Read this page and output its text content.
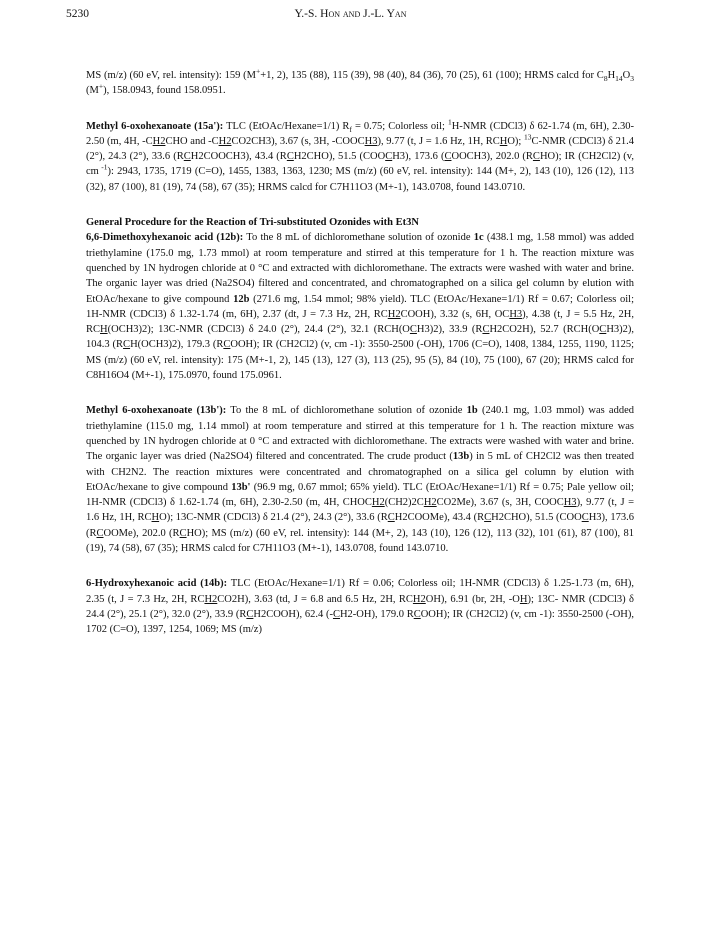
5230	Y.-S. Hon and J.-L. Yan

MS (m/z) (60 eV, rel. intensity): 159 (M++1, 2), 135 (88), 115 (39), 98 (40), 84 (36), 70 (25), 61 (100); HRMS calcd for $C_8H_{14}O_3$ (M+), 158.0943, found 158.0951.

Methyl 6-oxohexanoate (15a'): TLC (EtOAc/Hexane=1/1) $R_f = 0.75$; Colorless oil; $^1$H-NMR (CDCl3) δ 62-1.74 (m, 6H), 2.30-2.50 (m, 4H, -CH2CHO and -CH2CO2CH3), 3.67 (s, 3H, -COOCH3), 9.77 (t, J = 1.6 Hz, 1H, RCHO); $^{13}$C-NMR (CDCl3) δ 21.4 (2°), 24.3 (2°), 33.6 (RCH2COOCH3), 43.4 (RCH2CHO), 51.5 (COOCH3), 173.6 (COOCH3), 202.0 (RCHO); IR (CH2Cl2) (v, cm $^{-1}$): 2943, 1735, 1719 (C=O), 1455, 1383, 1363, 1230; MS (m/z) (60 eV, rel. intensity): 144 (M+, 2), 143 (10), 126 (12), 113 (32), 87 (100), 81 (19), 74 (58), 67 (35); HRMS calcd for C7H11O3 (M+-1), 143.0708, found 143.0710.

General Procedure for the Reaction of Tri-substituted Ozonides with Et3N
6,6-Dimethoxyhexanoic acid (12b): To the 8 mL of dichloromethane solution of ozonide 1c (438.1 mg, 1.58 mmol) was added triethylamine (175.0 mg, 1.73 mmol) at room temperature and stirred at this temperature for 1 h. The reaction mixture was quenched by 1N hydrogen chloride at 0 °C and extracted with dichloromethane. The extracts were washed with water and brine. The organic layer was dried (Na2SO4) filtered and concentrated, and chromatographed on a silica gel column by elution with EtOAc/hexane to give compound 12b (271.6 mg, 1.54 mmol; 98% yield). TLC (EtOAc/Hexane=1/1) Rf = 0.67; Colorless oil; 1H-NMR (CDCl3) δ 1.32-1.74 (m, 6H), 2.37 (dt, J = 7.3 Hz, 2H, RCH2COOH), 3.32 (s, 6H, OCH3), 4.38 (t, J = 5.5 Hz, 2H, RCH(OCH3)2); 13C-NMR (CDCl3) δ 24.0 (2°), 24.4 (2°), 32.1 (RCH(OCH3)2), 33.9 (RCH2CO2H), 52.7 (RCH(OCH3)2), 104.3 (RCH(OCH3)2), 179.3 (RCOOH); IR (CH2Cl2) (v, cm -1): 3550-2500 (-OH), 1706 (C=O), 1408, 1384, 1255, 1190, 1125; MS (m/z) (60 eV, rel. intensity): 175 (M+-1, 2), 145 (13), 127 (3), 113 (25), 95 (5), 84 (10), 75 (100), 67 (20); HRMS calcd for C8H16O4 (M+-1), 175.0970, found 175.0961.

Methyl 6-oxohexanoate (13b'): To the 8 mL of dichloromethane solution of ozonide 1b (240.1 mg, 1.03 mmol) was added triethylamine (115.0 mg, 1.14 mmol) at room temperature and stirred at this temperature for 1 h. The reaction mixture was quenched by 1N hydrogen chloride at 0 °C and extracted with dichloromethane. The extracts were washed with water and brine. The organic layer was dried (Na2SO4) filtered and concentrated. The crude product (13b) in 5 mL of CH2Cl2 was then treated with CH2N2. The reaction mixtures were concentrated and chromatographed on a silica gel column by elution with EtOAc/hexane to give compound 13b' (96.9 mg, 0.67 mmol; 65% yield). TLC (EtOAc/Hexane=1/1) Rf = 0.75; Pale yellow oil; 1H-NMR (CDCl3) δ 1.62-1.74 (m, 6H), 2.30-2.50 (m, 4H, CHOCH2(CH2)2CH2CO2Me), 3.67 (s, 3H, COOCH3), 9.77 (t, J = 1.6 Hz, 1H, RCHO); 13C-NMR (CDCl3) δ 21.4 (2°), 24.3 (2°), 33.6 (RCH2COOMe), 43.4 (RCH2CHO), 51.5 (COOCH3), 173.6 (RCOOMe), 202.0 (RCHO); MS (m/z) (60 eV, rel. intensity): 144 (M+, 2), 143 (10), 126 (12), 113 (32), 101 (61), 87 (100), 81 (19), 74 (58), 67 (35); HRMS calcd for C7H11O3 (M+-1), 143.0708, found 143.0710.

6-Hydroxyhexanoic acid (14b): TLC (EtOAc/Hexane=1/1) Rf = 0.06; Colorless oil; 1H-NMR (CDCl3) δ 1.25-1.73 (m, 6H), 2.35 (t, J = 7.3 Hz, 2H, RCH2CO2H), 3.63 (td, J = 6.8 and 6.5 Hz, 2H, RCH2OH), 6.91 (br, 2H, -OH); 13C- NMR (CDCl3) δ 24.4 (2°), 25.1 (2°), 32.0 (2°), 33.9 (RCH2COOH), 62.4 (-CH2-OH), 179.0 RCOOH); IR (CH2Cl2) (v, cm -1): 3550-2500 (-OH), 1702 (C=O), 1397, 1254, 1069; MS (m/z)
